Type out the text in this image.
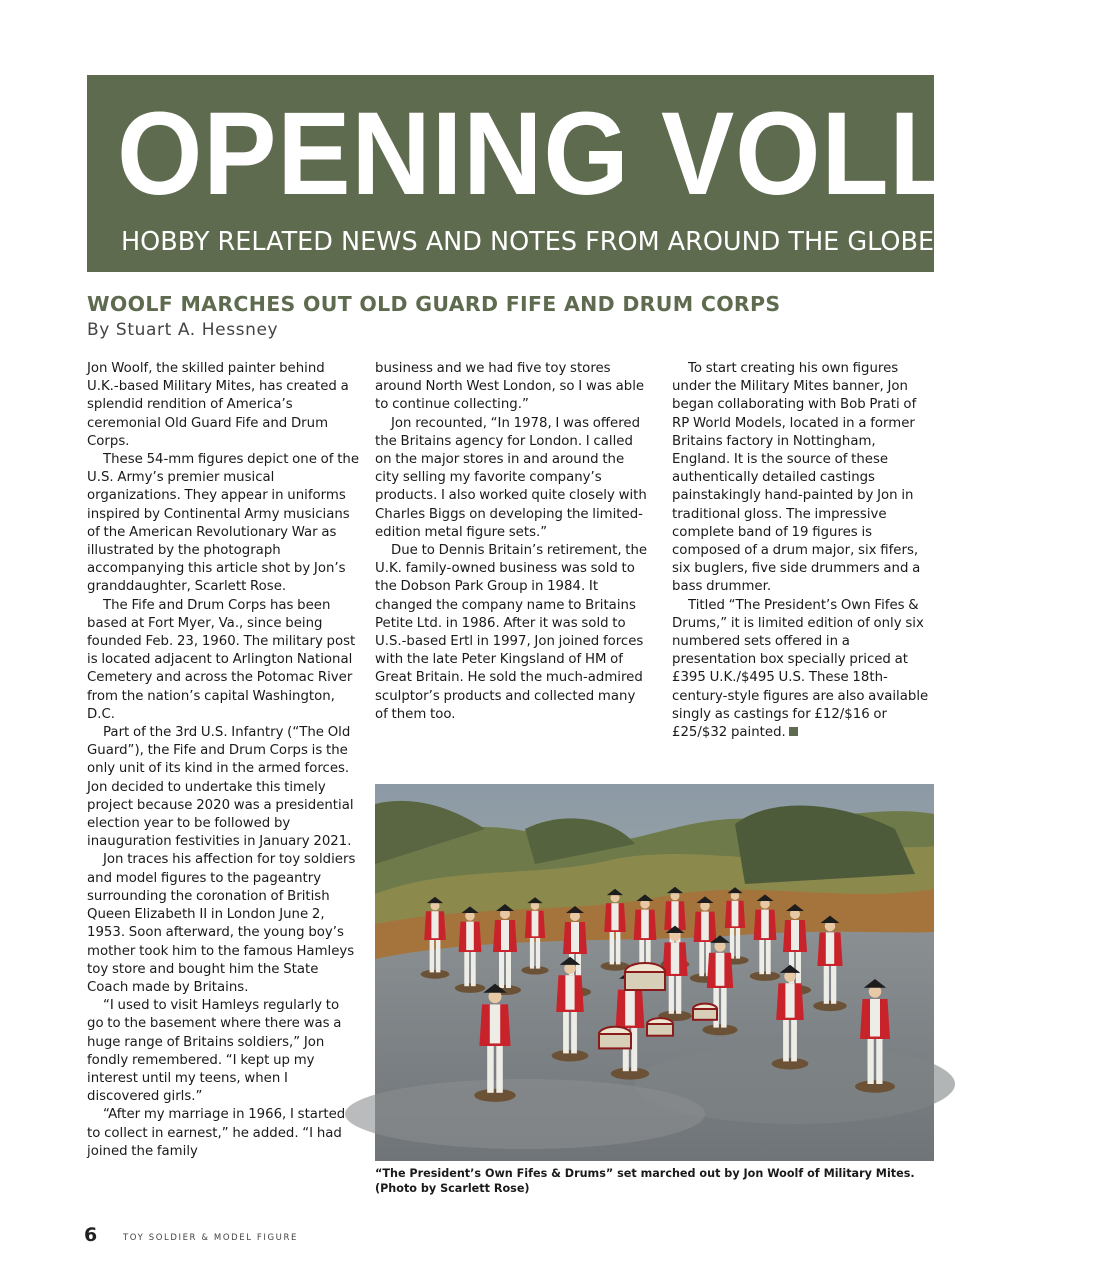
OPENING VOLLEY
HOBBY RELATED NEWS AND NOTES FROM AROUND THE GLOBE
WOOLF MARCHES OUT OLD GUARD FIFE AND DRUM CORPS
By Stuart A. Hessney

Jon Woolf, the skilled painter behind U.K.-based Military Mites, has created a splendid rendition of America’s ceremonial Old Guard Fife and Drum Corps.

These 54-mm figures depict one of the U.S. Army’s premier musical organizations. They appear in uniforms inspired by Continental Army musicians of the American Revolutionary War as illustrated by the photograph accompanying this article shot by Jon’s granddaughter, Scarlett Rose.

The Fife and Drum Corps has been based at Fort Myer, Va., since being founded Feb. 23, 1960. The military post is located adjacent to Arlington National Cemetery and across the Potomac River from the nation’s capital Washington, D.C.

Part of the 3rd U.S. Infantry (“The Old Guard”), the Fife and Drum Corps is the only unit of its kind in the armed forces. Jon decided to undertake this timely project because 2020 was a presidential election year to be followed by inauguration festivities in January 2021.

Jon traces his affection for toy soldiers and model figures to the pageantry surrounding the coronation of British Queen Elizabeth II in London June 2, 1953. Soon afterward, the young boy’s mother took him to the famous Hamleys toy store and bought him the State Coach made by Britains.

“I used to visit Hamleys regularly to go to the basement where there was a huge range of Britains soldiers,” Jon fondly remembered. “I kept up my interest until my teens, when I discovered girls.”

“After my marriage in 1966, I started to collect in earnest,” he added. “I had joined the family

business and we had five toy stores around North West London, so I was able to continue collecting.”

Jon recounted, “In 1978, I was offered the Britains agency for London. I called on the major stores in and around the city selling my favorite company’s products. I also worked quite closely with Charles Biggs on developing the limited-edition metal figure sets.”

Due to Dennis Britain’s retirement, the U.K. family-owned business was sold to the Dobson Park Group in 1984. It changed the company name to Britains Petite Ltd. in 1986. After it was sold to U.S.-based Ertl in 1997, Jon joined forces with the late Peter Kingsland of HM of Great Britain. He sold the much-admired sculptor’s products and collected many of them too.

To start creating his own figures under the Military Mites banner, Jon began collaborating with Bob Prati of RP World Models, located in a former Britains factory in Nottingham, England. It is the source of these authentically detailed castings painstakingly hand-painted by Jon in traditional gloss. The impressive complete band of 19 figures is composed of a drum major, six fifers, six buglers, five side drummers and a bass drummer.

Titled “The President’s Own Fifes & Drums,” it is limited edition of only six numbered sets offered in a presentation box specially priced at £395 U.K./$495 U.S. These 18th-century-style figures are also available singly as castings for £12/$16 or £25/$32 painted.

“The President’s Own Fifes & Drums” set marched out by Jon Woolf of Military Mites. (Photo by Scarlett Rose)
6	TOY SOLDIER & MODEL FIGURE
